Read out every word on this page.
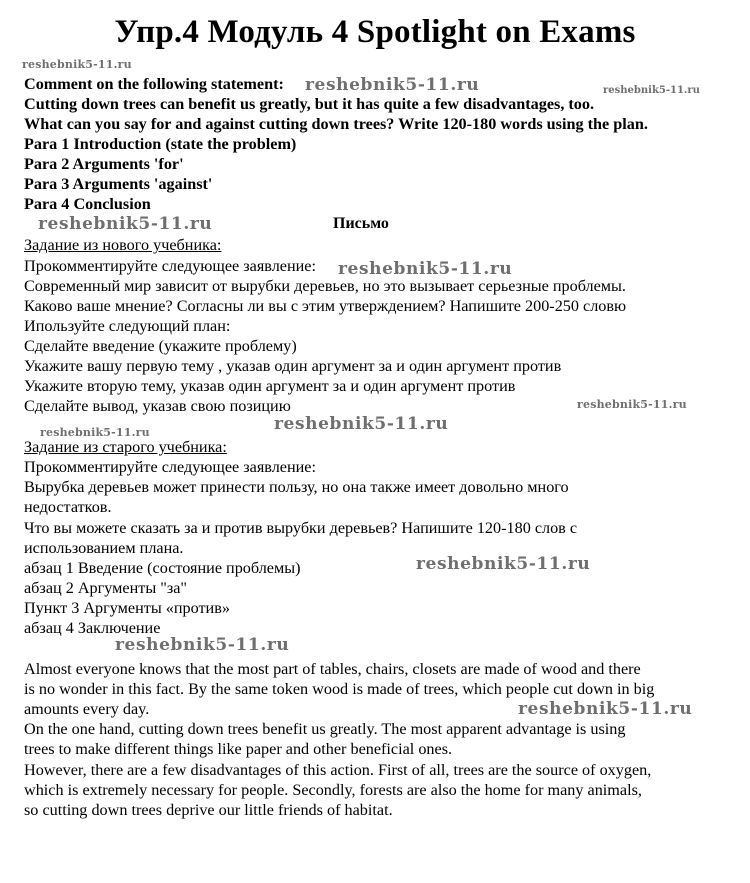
Упр.4 Модуль 4 Spotlight on Exams
Comment on the following statement:
Cutting down trees can benefit us greatly, but it has quite a few disadvantages, too.
What can you say for and against cutting down trees? Write 120-180 words using the plan.
Para 1 Introduction (state the problem)
Para 2 Arguments 'for'
Para 3 Arguments 'against'
Para 4 Conclusion
Письмо
Задание из нового учебника:
Прокомментируйте следующее заявление:
Современный мир зависит от вырубки деревьев, но это вызывает серьезные проблемы.
Каково ваше мнение? Согласны ли вы с этим утверждением? Напишите 200-250 словю
Ипользуйте следующий план:
Сделайте введение (укажите проблему)
Укажите вашу первую тему , указав один аргумент за и один аргумент против
Укажите вторую тему, указав один аргумент за и один аргумент против
Сделайте вывод, указав свою позицию
Задание из старого учебника:
Прокомментируйте следующее заявление:
Вырубка деревьев может принести пользу, но она также имеет довольно много
недостатков.
Что вы можете сказать за и против вырубки деревьев? Напишите 120-180 слов с
использованием плана.
абзац 1 Введение (состояние проблемы)
абзац 2 Аргументы "за"
Пункт 3 Аргументы «против»
абзац 4 Заключение
Almost everyone knows that the most part of tables, chairs, closets are made of wood and there
is no wonder in this fact. By the same token wood is made of trees, which people cut down in big
amounts every day.
On the one hand, cutting down trees benefit us greatly. The most apparent advantage is using
trees to make different things like paper and other beneficial ones.
However, there are a few disadvantages of this action. First of all, trees are the source of oxygen,
which is extremely necessary for people. Secondly, forests are also the home for many animals,
so cutting down trees deprive our little friends of habitat.
reshebnik5-11.ru
reshebnik5-11.ru	reshebnik5-11.ru
reshebnik5-11.ru
reshebnik5-11.ru
reshebnik5-11.ru
reshebnik5-11.ru
reshebnik5-11.ru
reshebnik5-11.ru
reshebnik5-11.ru
reshebnik5-11.ru
